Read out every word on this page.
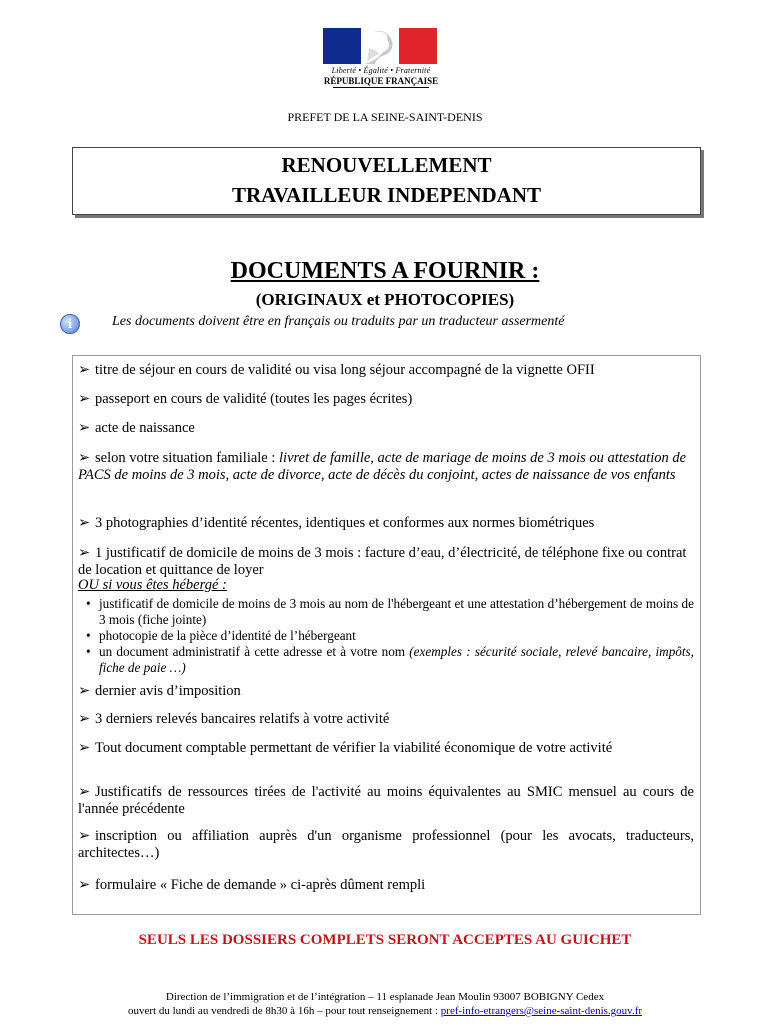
Liberté • Égalité • Fraternité
RÉPUBLIQUE FRANÇAISE
PREFET DE LA SEINE-SAINT-DENIS
RENOUVELLEMENT
TRAVAILLEUR INDEPENDANT
DOCUMENTS A FOURNIR :
(ORIGINAUX et PHOTOCOPIES)
i	Les documents doivent être en français ou traduits par un traducteur assermenté
➢ titre de séjour en cours de validité ou visa long séjour accompagné de la vignette OFII
➢ passeport en cours de validité (toutes les pages écrites)
➢ acte de naissance
➢ selon votre situation familiale : livret de famille, acte de mariage de moins de 3 mois ou attestation de PACS de moins de 3 mois, acte de divorce, acte de décès du conjoint, actes de naissance de vos enfants
➢ 3 photographies d’identité récentes, identiques et conformes aux normes biométriques
➢ 1 justificatif de domicile de moins de 3 mois : facture d’eau, d’électricité, de téléphone fixe ou contrat de location et quittance de loyer
OU si vous êtes hébergé :
• justificatif de domicile de moins de 3 mois au nom de l'hébergeant et une attestation d’hébergement de moins de 3 mois (fiche jointe)
• photocopie de la pièce d’identité de l’hébergeant
• un document administratif à cette adresse et à votre nom (exemples : sécurité sociale, relevé bancaire, impôts, fiche de paie …)
➢ dernier avis d’imposition
➢ 3 derniers relevés bancaires relatifs à votre activité
➢ Tout document comptable permettant de vérifier la viabilité économique de votre activité
➢ Justificatifs de ressources tirées de l'activité au moins équivalentes au SMIC mensuel au cours de l'année précédente
➢ inscription ou affiliation auprès d'un organisme professionnel (pour les avocats, traducteurs, architectes…)
➢ formulaire « Fiche de demande » ci-après dûment rempli
SEULS LES DOSSIERS COMPLETS SERONT ACCEPTES AU GUICHET
Direction de l’immigration et de l’intégration – 11 esplanade Jean Moulin 93007 BOBIGNY Cedex
ouvert du lundi au vendredi de 8h30 à 16h – pour tout renseignement : pref-info-etrangers@seine-saint-denis.gouv.fr
